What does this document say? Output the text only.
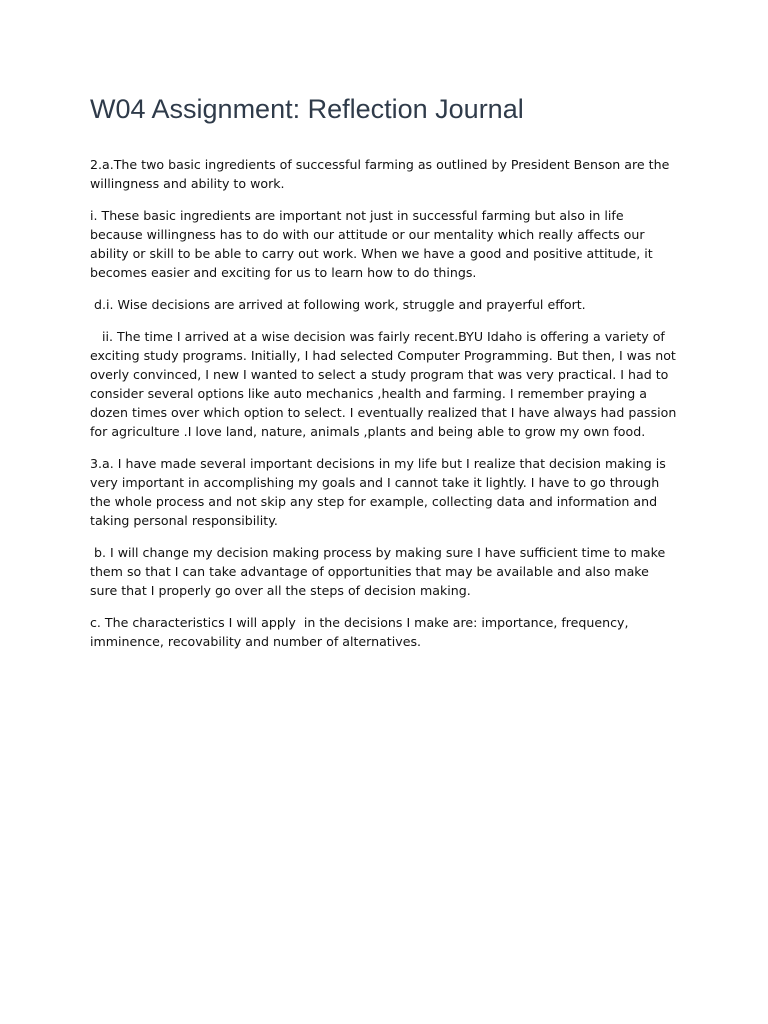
W04 Assignment: Reflection Journal

2.a.The two basic ingredients of successful farming as outlined by President Benson are the willingness and ability to work.

i. These basic ingredients are important not just in successful farming but also in life because willingness has to do with our attitude or our mentality which really affects our ability or skill to be able to carry out work. When we have a good and positive attitude, it becomes easier and exciting for us to learn how to do things.

d.i. Wise decisions are arrived at following work, struggle and prayerful effort.

ii. The time I arrived at a wise decision was fairly recent.BYU Idaho is offering a variety of exciting study programs. Initially, I had selected Computer Programming. But then, I was not overly convinced, I new I wanted to select a study program that was very practical. I had to consider several options like auto mechanics ,health and farming. I remember praying a dozen times over which option to select. I eventually realized that I have always had passion for agriculture .I love land, nature, animals ,plants and being able to grow my own food.

3.a. I have made several important decisions in my life but I realize that decision making is very important in accomplishing my goals and I cannot take it lightly. I have to go through the whole process and not skip any step for example, collecting data and information and taking personal responsibility.

b. I will change my decision making process by making sure I have sufficient time to make them so that I can take advantage of opportunities that may be available and also make sure that I properly go over all the steps of decision making.

c. The characteristics I will apply  in the decisions I make are: importance, frequency, imminence, recovability and number of alternatives.
